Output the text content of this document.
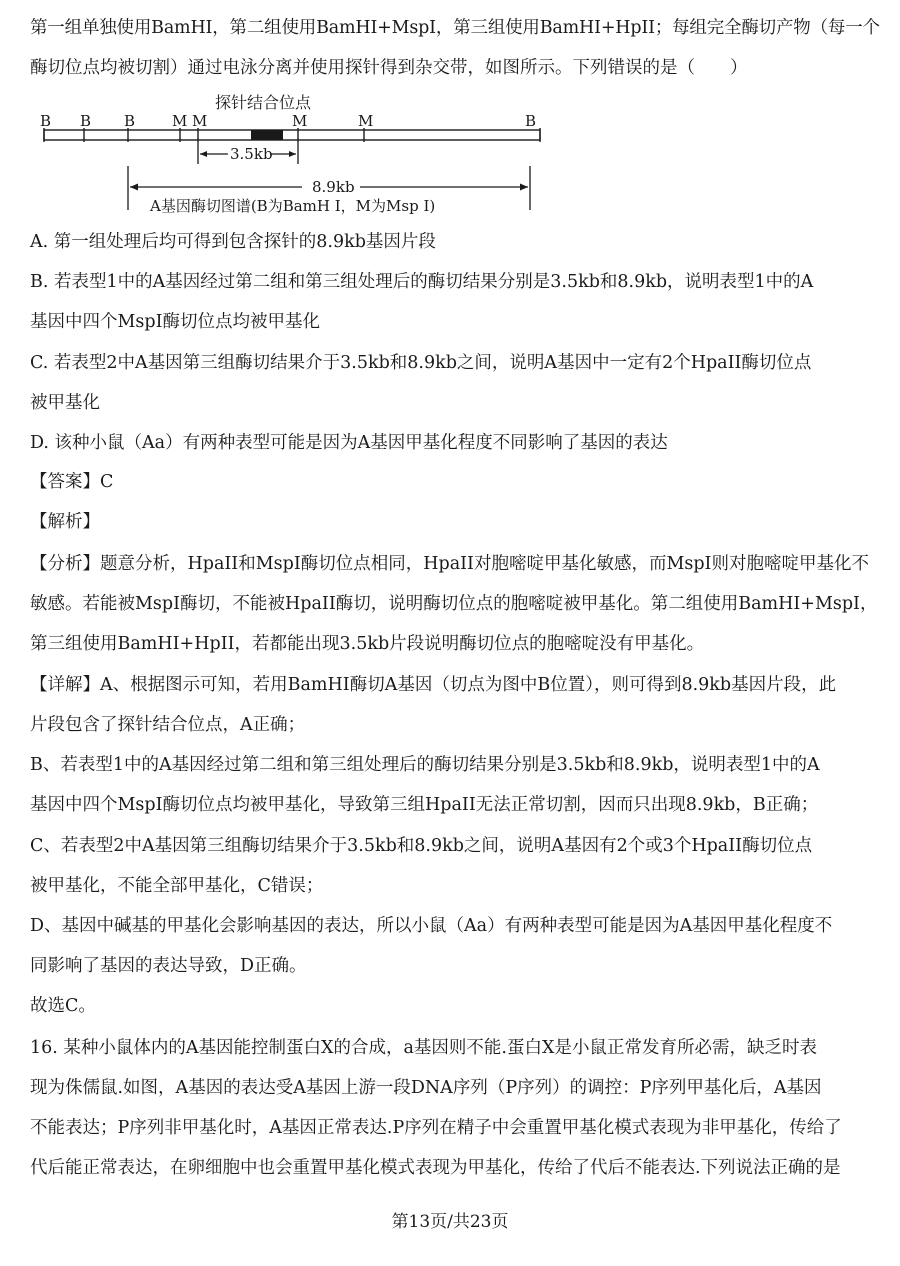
第一组单独使用BamHI，第二组使用BamHI+MspI，第三组使用BamHI+HpII；每组完全酶切产物（每一个
酶切位点均被切割）通过电泳分离并使用探针得到杂交带，如图所示。下列错误的是（　　）
探针结合位点
B B B M M	M	M	B
3.5kb
8.9kb
A基因酶切图谱(B为BamH Ⅰ，M为Msp Ⅰ)
A. 第一组处理后均可得到包含探针的8.9kb基因片段
B. 若表型1中的A基因经过第二组和第三组处理后的酶切结果分别是3.5kb和8.9kb，说明表型1中的A
基因中四个MspI酶切位点均被甲基化
C. 若表型2中A基因第三组酶切结果介于3.5kb和8.9kb之间，说明A基因中一定有2个HpaII酶切位点
被甲基化
D. 该种小鼠（Aa）有两种表型可能是因为A基因甲基化程度不同影响了基因的表达
【答案】C
【解析】
【分析】题意分析，HpaII和MspI酶切位点相同，HpaII对胞嘧啶甲基化敏感，而MspI则对胞嘧啶甲基化不
敏感。若能被MspI酶切，不能被HpaII酶切，说明酶切位点的胞嘧啶被甲基化。第二组使用BamHI+MspI，
第三组使用BamHI+HpII，若都能出现3.5kb片段说明酶切位点的胞嘧啶没有甲基化。
【详解】A、根据图示可知，若用BamHI酶切A基因（切点为图中B位置），则可得到8.9kb基因片段，此
片段包含了探针结合位点，A正确；
B、若表型1中的A基因经过第二组和第三组处理后的酶切结果分别是3.5kb和8.9kb，说明表型1中的A
基因中四个MspI酶切位点均被甲基化，导致第三组HpaII无法正常切割，因而只出现8.9kb，B正确；
C、若表型2中A基因第三组酶切结果介于3.5kb和8.9kb之间，说明A基因有2个或3个HpaII酶切位点
被甲基化，不能全部甲基化，C错误；
D、基因中碱基的甲基化会影响基因的表达，所以小鼠（Aa）有两种表型可能是因为A基因甲基化程度不
同影响了基因的表达导致，D正确。
故选C。
16. 某种小鼠体内的A基因能控制蛋白X的合成，a基因则不能.蛋白X是小鼠正常发育所必需，缺乏时表
现为侏儒鼠.如图，A基因的表达受A基因上游一段DNA序列（P序列）的调控：P序列甲基化后，A基因
不能表达；P序列非甲基化时，A基因正常表达.P序列在精子中会重置甲基化模式表现为非甲基化，传给了
代后能正常表达，在卵细胞中也会重置甲基化模式表现为甲基化，传给了代后不能表达.下列说法正确的是
第13页/共23页
